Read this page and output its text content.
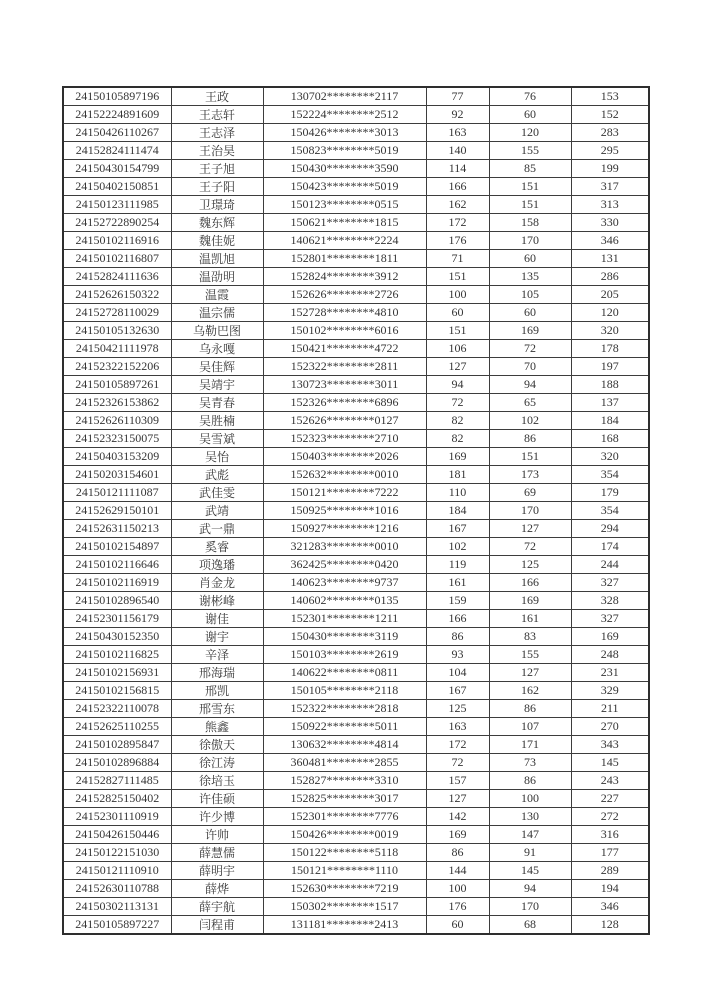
24150105897196	王政	130702********2117	77	76	153
24152224891609	王志轩	152224********2512	92	60	152
24150426110267	王志泽	150426********3013	163	120	283
24152824111474	王治昊	150823********5019	140	155	295
24150430154799	王子旭	150430********3590	114	85	199
24150402150851	王子阳	150423********5019	166	151	317
24150123111985	卫璟琦	150123********0515	162	151	313
24152722890254	魏东辉	150621********1815	172	158	330
24150102116916	魏佳妮	140621********2224	176	170	346
24150102116807	温凯旭	152801********1811	71	60	131
24152824111636	温劭明	152824********3912	151	135	286
24152626150322	温霞	152626********2726	100	105	205
24152728110029	温宗儒	152728********4810	60	60	120
24150105132630	乌勒巴图	150102********6016	151	169	320
24150421111978	乌永嘎	150421********4722	106	72	178
24152322152206	吴佳辉	152322********2811	127	70	197
24150105897261	吴靖宇	130723********3011	94	94	188
24152326153862	吴青春	152326********6896	72	65	137
24152626110309	吴胜楠	152626********0127	82	102	184
24152323150075	吴雪斌	152323********2710	82	86	168
24150403153209	吴怡	150403********2026	169	151	320
24150203154601	武彪	152632********0010	181	173	354
24150121111087	武佳雯	150121********7222	110	69	179
24152629150101	武靖	150925********1016	184	170	354
24152631150213	武一鼎	150927********1216	167	127	294
24150102154897	奚睿	321283********0010	102	72	174
24150102116646	项逸璠	362425********0420	119	125	244
24150102116919	肖金龙	140623********9737	161	166	327
24150102896540	谢彬峰	140602********0135	159	169	328
24152301156179	谢佳	152301********1211	166	161	327
24150430152350	谢宇	150430********3119	86	83	169
24150102116825	辛泽	150103********2619	93	155	248
24150102156931	邢海瑞	140622********0811	104	127	231
24150102156815	邢凯	150105********2118	167	162	329
24152322110078	邢雪东	152322********2818	125	86	211
24152625110255	熊鑫	150922********5011	163	107	270
24150102895847	徐傲天	130632********4814	172	171	343
24150102896884	徐江涛	360481********2855	72	73	145
24152827111485	徐培玉	152827********3310	157	86	243
24152825150402	许佳硕	152825********3017	127	100	227
24152301110919	许少博	152301********7776	142	130	272
24150426150446	许帅	150426********0019	169	147	316
24150122151030	薛慧儒	150122********5118	86	91	177
24150121110910	薛明宇	150121********1110	144	145	289
24152630110788	薛烨	152630********7219	100	94	194
24150302113131	薛宇航	150302********1517	176	170	346
24150105897227	闫程甫	131181********2413	60	68	128
